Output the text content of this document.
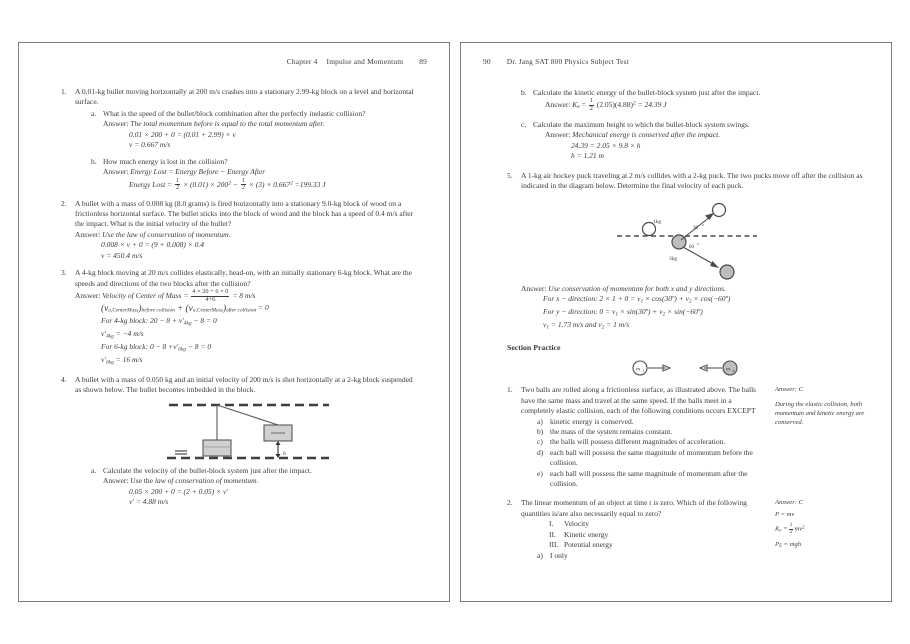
Chapter 4 Impulse and Momentum 89
1.	A 0.01-kg bullet moving horizontally at 200 m/s crashes into a stationary 2.99-kg block on a level and horizontal surface.
a. What is the speed of the bullet/block combination after the perfectly inelastic collision?
Answer: The total momentum before is equal to the total momentum after.
0.01 × 200 + 0 = (0.01 + 2.99) × v
v = 0.667 m/s
b. How much energy is lost in the collision?
Answer: Energy Lost = Energy Before − Energy After
Energy Lost = $\frac{1}{2} \times (0.01) \times 200^2 - \frac{1}{2} \times (3) \times 0.667^2 =199.33$ J
2.	A bullet with a mass of 0.008 kg (8.0 grams) is fired horizontally into a stationary 9.0-kg block of wood on a frictionless horizontal surface. The bullet sticks into the block of wood and the block has a speed of 0.4 m/s after the impact. What is the initial velocity of the bullet?
Answer: Use the law of conservation of momentum.
0.008 × v + 0 = (9 + 0.008) × 0.4
v = 450.4 m/s
3.	A 4-kg block moving at 20 m/s collides elastically, head-on, with an initially stationary 6-kg block. What are the speeds and directions of the two blocks after the collision?
Answer: Velocity of Center of Mass = $\frac{4 \times 20 + 6 \times 0}{4+6} = 8$ m/s
$(v_{a,CenterMass})_{before collision} + (v_{a,CenterMass})_{after collision} = 0$
For 4-kg block: $20 - 8 + v'_{4kg} - 8 = 0$
$v'_{4kg} = -4$ m/s
For 6-kg block: $0 - 8 +v'_{6kg} - 8 = 0$
$v'_{6kg} = 16$ m/s
4.	A bullet with a mass of 0.050 kg and an initial velocity of 200 m/s is shot horizontally at a 2-kg block suspended as shown below. The bullet becomes imbedded in the block.
h
a. Calculate the velocity of the bullet-block system just after the impact.
Answer: Use the law of conservation of momentum.
0.05 × 200 + 0 = (2 + 0.05) × v′
v′ = 4.88 m/s
90 Dr. Jang SAT 800 Physics Subject Test
b. Calculate the kinetic energy of the bullet-block system just after the impact.
Answer: $K_e = \frac{1}{2} (2.05)(4.88)^2 = 24.39$ J
c. Calculate the maximum height to which the bullet-block system swings.
Answer: Mechanical energy is conserved after the impact.
24.39 = 2.05 × 9.8 × h
h = 1.21 m
5.	A 1-kg air hockey puck traveling at 2 m/s collides with a 2-kg puck. The two pucks move off after the collision as indicated in the diagram below. Determine the final velocity of each puck.
1kg
3kg
30
o
60
o
Answer: Use conservation of momentum for both x and y directions.
For x − direction: $2 \times 1 + 0 = v_1$ × cos(30º) + $v_2$ × cos(−60º)
For y − direction: $0 = v_1$ × sin(30º) + $v_2$ × sin(−60º)
$v_1 = 1.73$ m/s and $v_2 = 1$ m/s
Section Practice
m 1	m 2
1.	Two balls are rolled along a frictionless surface, as illustrated above. The balls have the same mass and travel at the same speed. If the balls meet in a completely elastic collision, each of the following conditions occurs EXCEPT
a) kinetic energy is conserved.
b) the mass of the system remains constant.
c) the balls will possess different magnitudes of acceleration.
d) each ball will possess the same magnitude of momentum before the collision.
e) each ball will possess the same magnitude of momentum after the collision.
Answer: C
During the elastic collision, both momentum and kinetic energy are conserved.
2.	The linear momentum of an object at time t is zero. Which of the following quantities is/are also necessarily equal to zero?
I.	Velocity
II.	Kinetic energy
III. Potential energy
a) I only
Answer: C
P = mv
$K_e = \frac{1}{2} mv^2$
$P_E$ = mgh
